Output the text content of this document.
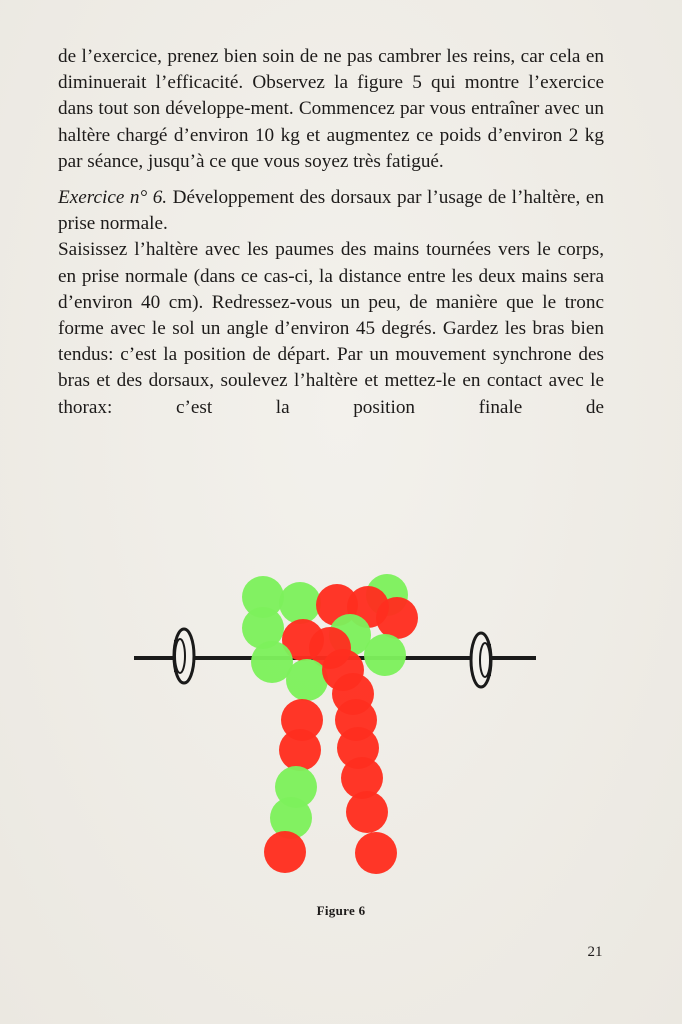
de l’exercice, prenez bien soin de ne pas cambrer les reins, car cela en diminuerait l’efficacité. Observez la figure 5 qui montre l’exercice dans tout son développe-ment. Commencez par vous entraîner avec un haltère chargé d’environ 10 kg et augmentez ce poids d’environ 2 kg par séance, jusqu’à ce que vous soyez très fatigué.

Exercice n° 6. Développement des dorsaux par l’usage de l’haltère, en prise normale.

Saisissez l’haltère avec les paumes des mains tournées vers le corps, en prise normale (dans ce cas-ci, la distance entre les deux mains sera d’environ 40 cm). Redressez-vous un peu, de manière que le tronc forme avec le sol un angle d’environ 45 degrés. Gardez les bras bien tendus: c’est la position de départ. Par un mouvement synchrone des bras et des dorsaux, soulevez l’haltère et mettez-le en contact avec le thorax: c’est la position finale de

Figure 6
21
